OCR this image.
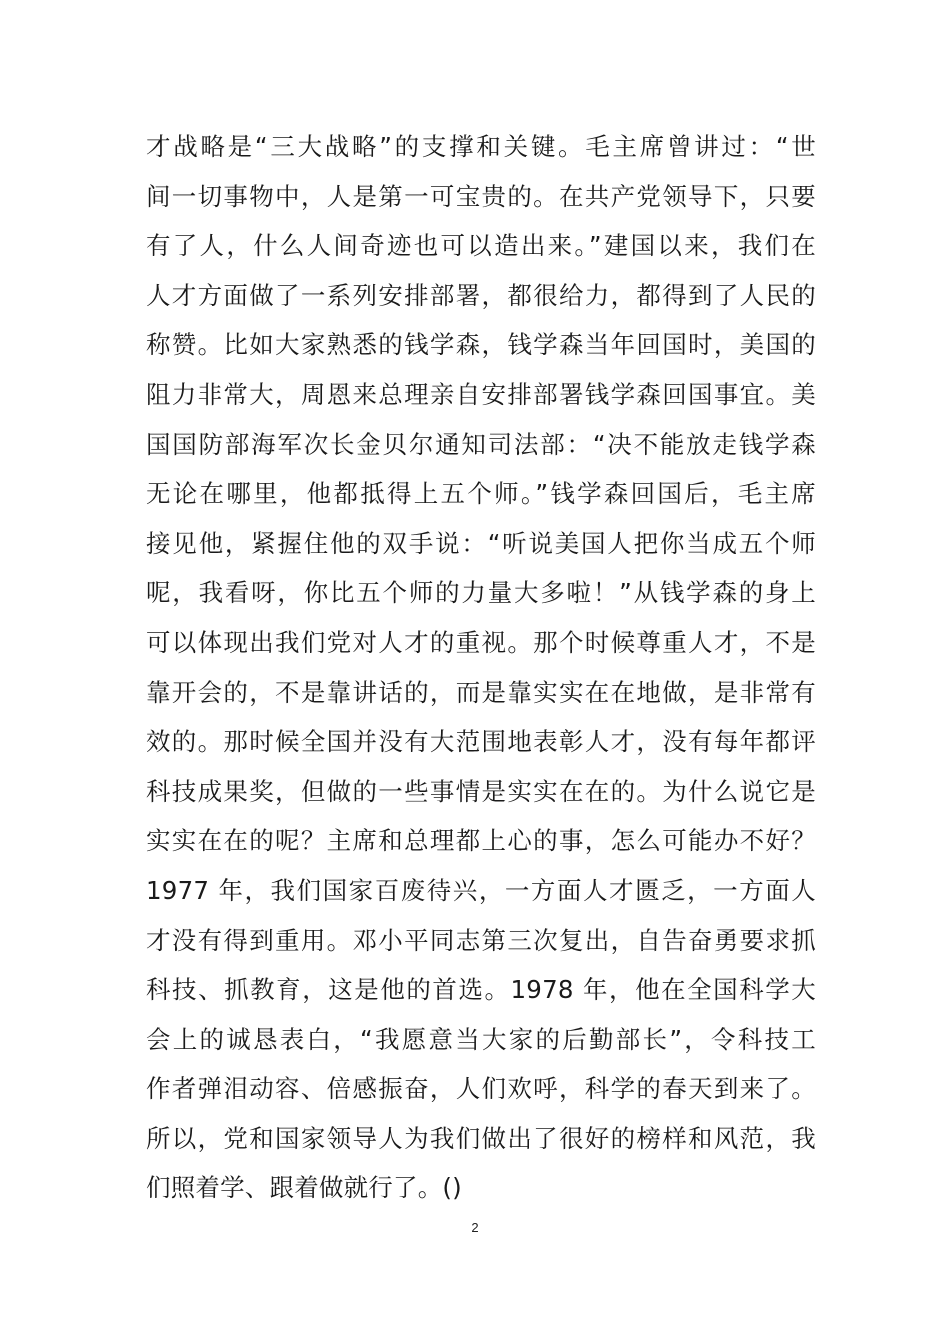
才战略是“三大战略”的支撑和关键。毛主席曾讲过：“世
间一切事物中，人是第一可宝贵的。在共产党领导下，只要
有了人，什么人间奇迹也可以造出来。”建国以来，我们在
人才方面做了一系列安排部署，都很给力，都得到了人民的
称赞。比如大家熟悉的钱学森，钱学森当年回国时，美国的
阻力非常大，周恩来总理亲自安排部署钱学森回国事宜。美
国国防部海军次长金贝尔通知司法部：“决不能放走钱学森
无论在哪里，他都抵得上五个师。”钱学森回国后，毛主席
接见他，紧握住他的双手说：“听说美国人把你当成五个师
呢，我看呀，你比五个师的力量大多啦！”从钱学森的身上
可以体现出我们党对人才的重视。那个时候尊重人才，不是
靠开会的，不是靠讲话的，而是靠实实在在地做，是非常有
效的。那时候全国并没有大范围地表彰人才，没有每年都评
科技成果奖，但做的一些事情是实实在在的。为什么说它是
实实在在的呢？主席和总理都上心的事，怎么可能办不好？
1977 年，我们国家百废待兴，一方面人才匮乏，一方面人
才没有得到重用。邓小平同志第三次复出，自告奋勇要求抓
科技、抓教育，这是他的首选。1978 年，他在全国科学大
会上的诚恳表白，“我愿意当大家的后勤部长”，令科技工
作者弹泪动容、倍感振奋，人们欢呼，科学的春天到来了。
所以，党和国家领导人为我们做出了很好的榜样和风范，我
们照着学、跟着做就行了。()
2
